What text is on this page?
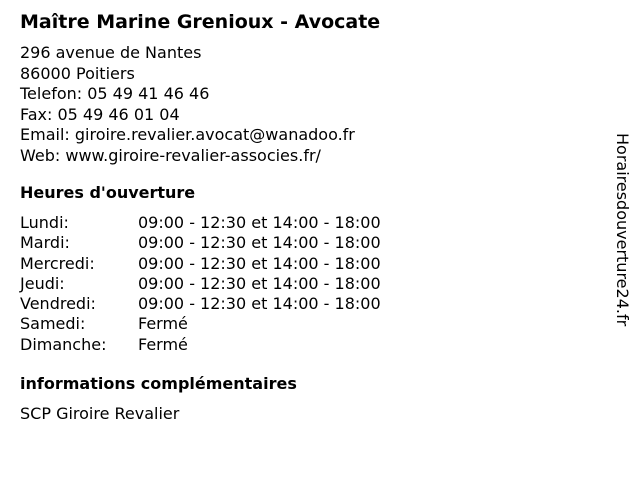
Maître Marine Grenioux - Avocate
296 avenue de Nantes
86000 Poitiers
Telefon: 05 49 41 46 46
Fax: 05 49 46 01 04
Email: giroire.revalier.avocat@wanadoo.fr
Web: www.giroire-revalier-associes.fr/
Heures d'ouverture
Lundi:	09:00 - 12:30 et 14:00 - 18:00
Mardi:	09:00 - 12:30 et 14:00 - 18:00
Mercredi:	09:00 - 12:30 et 14:00 - 18:00
Jeudi:	09:00 - 12:30 et 14:00 - 18:00
Vendredi:	09:00 - 12:30 et 14:00 - 18:00
Samedi:	Fermé
Dimanche: Fermé
informations complémentaires
SCP Giroire Revalier
Horairesdouverture24.fr
